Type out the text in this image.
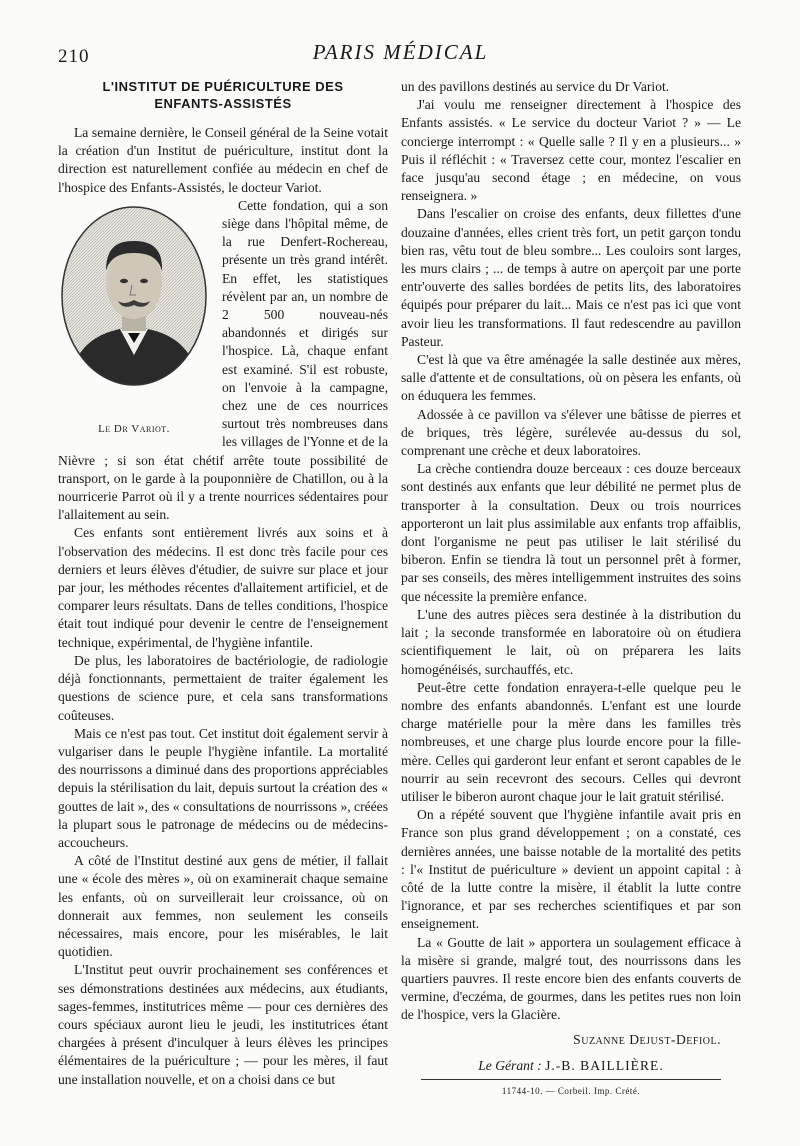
210	PARIS MÉDICAL
L'INSTITUT DE PUÉRICULTURE DES
ENFANTS-ASSISTÉS

La semaine dernière, le Conseil général de la Seine votait la création d'un Institut de puériculture, institut dont la direction est naturellement confiée au médecin en chef de l'hospice des Enfants-Assistés, le docteur Variot.

Le Dr Variot.

Cette fondation, qui a son siège dans l'hôpital même, de la rue Denfert-Rochereau, présente un très grand intérêt. En effet, les statistiques révèlent par an, un nombre de 2 500 nouveau-nés abandonnés et dirigés sur l'hospice. Là, chaque enfant est examiné. S'il est robuste, on l'envoie à la campagne, chez une de ces nourrices surtout très nombreuses dans les villages de l'Yonne et de la Nièvre ; si son état chétif arrête toute possibilité de transport, on le garde à la pouponnière de Chatillon, ou à la nourricerie Parrot où il y a trente nourrices sédentaires pour l'allaitement au sein.

Ces enfants sont entièrement livrés aux soins et à l'observation des médecins. Il est donc très facile pour ces derniers et leurs élèves d'étudier, de suivre sur place et jour par jour, les méthodes récentes d'allaitement artificiel, et de comparer leurs résultats. Dans de telles conditions, l'hospice était tout indiqué pour devenir le centre de l'enseignement technique, expérimental, de l'hygiène infantile.

De plus, les laboratoires de bactériologie, de radiologie déjà fonctionnants, permettaient de traiter également les questions de science pure, et cela sans transformations coûteuses.

Mais ce n'est pas tout. Cet institut doit également servir à vulgariser dans le peuple l'hygiène infantile. La mortalité des nourrissons a diminué dans des proportions appréciables depuis la stérilisation du lait, depuis surtout la création des « gouttes de lait », des « consultations de nourrissons », créées la plupart sous le patronage de médecins ou de médecins-accoucheurs.

A côté de l'Institut destiné aux gens de métier, il fallait une « école des mères », où on examinerait chaque semaine les enfants, où on surveillerait leur croissance, où on donnerait aux femmes, non seulement les conseils nécessaires, mais encore, pour les misérables, le lait quotidien.

L'Institut peut ouvrir prochainement ses conférences et ses démonstrations destinées aux médecins, aux étudiants, sages-femmes, institutrices même — pour ces dernières des cours spéciaux auront lieu le jeudi, les institutrices étant chargées à présent d'inculquer à leurs élèves les principes élémentaires de la puériculture ; — pour les mères, il faut une installation nouvelle, et on a choisi dans ce but

un des pavillons destinés au service du Dr Variot.

J'ai voulu me renseigner directement à l'hospice des Enfants assistés. « Le service du docteur Variot ? » — Le concierge interrompt : « Quelle salle ? Il y en a plusieurs... » Puis il réfléchit : « Traversez cette cour, montez l'escalier en face jusqu'au second étage ; en médecine, on vous renseignera. »

Dans l'escalier on croise des enfants, deux fillettes d'une douzaine d'années, elles crient très fort, un petit garçon tondu bien ras, vêtu tout de bleu sombre... Les couloirs sont larges, les murs clairs ; ... de temps à autre on aperçoit par une porte entr'ouverte des salles bordées de petits lits, des laboratoires équipés pour préparer du lait... Mais ce n'est pas ici que vont avoir lieu les transformations. Il faut redescendre au pavillon Pasteur.

C'est là que va être aménagée la salle destinée aux mères, salle d'attente et de consultations, où on pèsera les enfants, où on éduquera les femmes.

Adossée à ce pavillon va s'élever une bâtisse de pierres et de briques, très légère, surélevée au-dessus du sol, comprenant une crèche et deux laboratoires.

La crèche contiendra douze berceaux : ces douze berceaux sont destinés aux enfants que leur débilité ne permet plus de transporter à la consultation. Deux ou trois nourrices apporteront un lait plus assimilable aux enfants trop affaiblis, dont l'organisme ne peut pas utiliser le lait stérilisé du biberon. Enfin se tiendra là tout un personnel prêt à former, par ses conseils, des mères intelligemment instruites des soins que nécessite la première enfance.

L'une des autres pièces sera destinée à la distribution du lait ; la seconde transformée en laboratoire où on étudiera scientifiquement le lait, où on préparera les laits homogénéisés, surchauffés, etc.

Peut-être cette fondation enrayera-t-elle quelque peu le nombre des enfants abandonnés. L'enfant est une lourde charge matérielle pour la mère dans les familles très nombreuses, et une charge plus lourde encore pour la fille-mère. Celles qui garderont leur enfant et seront capables de le nourrir au sein recevront des secours. Celles qui devront utiliser le biberon auront chaque jour le lait gratuit stérilisé.

On a répété souvent que l'hygiène infantile avait pris en France son plus grand développement ; on a constaté, ces dernières années, une baisse notable de la mortalité des petits : l'« Institut de puériculture » devient un appoint capital : à côté de la lutte contre la misère, il établit la lutte contre l'ignorance, et par ses recherches scientifiques et par son enseignement.

La « Goutte de lait » apportera un soulagement efficace à la misère si grande, malgré tout, des nourrissons dans les quartiers pauvres. Il reste encore bien des enfants couverts de vermine, d'eczéma, de gourmes, dans les petites rues non loin de l'hospice, vers la Glacière.

Suzanne Dejust-Defiol.
Le Gérant : J.-B. BAILLIÈRE.
11744-10. — Corbeil. Imp. Crété.
